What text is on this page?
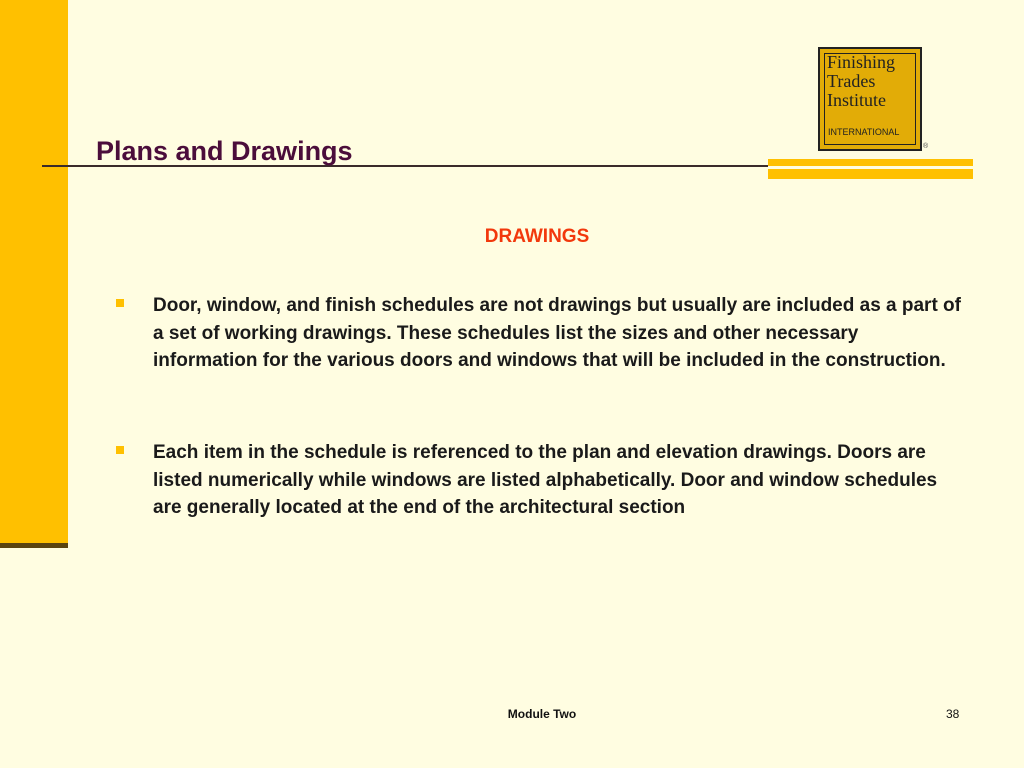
Plans and Drawings
Finishing
Trades
Institute
INTERNATIONAL
®
DRAWINGS
Door, window, and finish schedules are not drawings but usually are included as a part of a set of working drawings. These schedules list the sizes and other necessary information for the various doors and windows that will be included in the construction.
Each item in the schedule is referenced to the plan and elevation drawings. Doors are listed numerically while windows are listed alphabetically. Door and window schedules are generally located at the end of the architectural section
Module Two	38
